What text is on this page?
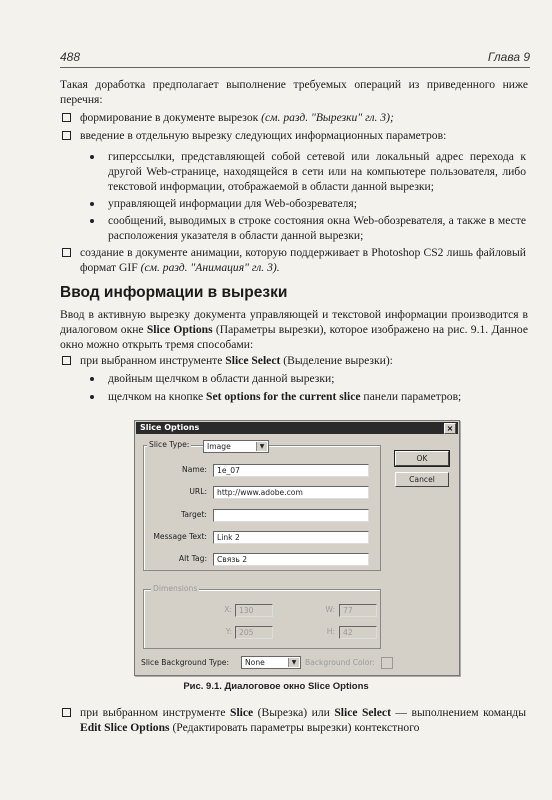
488	Глава 9
Такая доработка предполагает выполнение требуемых операций из приведенного ниже перечня:
формирование в документе вырезок (см. разд. "Вырезки" гл. 3);
введение в отдельную вырезку следующих информационных параметров:
гиперссылки, представляющей собой сетевой или локальный адрес перехода к другой Web-странице, находящейся в сети или на компьютере пользователя, либо текстовой информации, отображаемой в области данной вырезки;
управляющей информации для Web-обозревателя;
сообщений, выводимых в строке состояния окна Web-обозревателя, а также в месте расположения указателя в области данной вырезки;
создание в документе анимации, которую поддерживает в Photoshop CS2 лишь файловый формат GIF (см. разд. "Анимация" гл. 3).
Ввод информации в вырезки
Ввод в активную вырезку документа управляющей и текстовой информации производится в диалоговом окне Slice Options (Параметры вырезки), которое изображено на рис. 9.1. Данное окно можно открыть тремя способами:
при выбранном инструменте Slice Select (Выделение вырезки):
двойным щелчком в области данной вырезки;
щелчком на кнопке Set options for the current slice панели параметров;
Slice Options	×
Slice Type:	Image	▼
Name:	1e_07
URL:	http://www.adobe.com
Target:
Message Text:	Link 2
Alt Tag:	Связь 2
OK
Cancel
Dimensions
X: 130
Y: 205
W:	77
H:	42
Slice Background Type:	None	▼	Background Color:
Рис. 9.1. Диалоговое окно Slice Options
при выбранном инструменте Slice (Вырезка) или Slice Select — выполнением команды Edit Slice Options (Редактировать параметры вырезки) контекстного
